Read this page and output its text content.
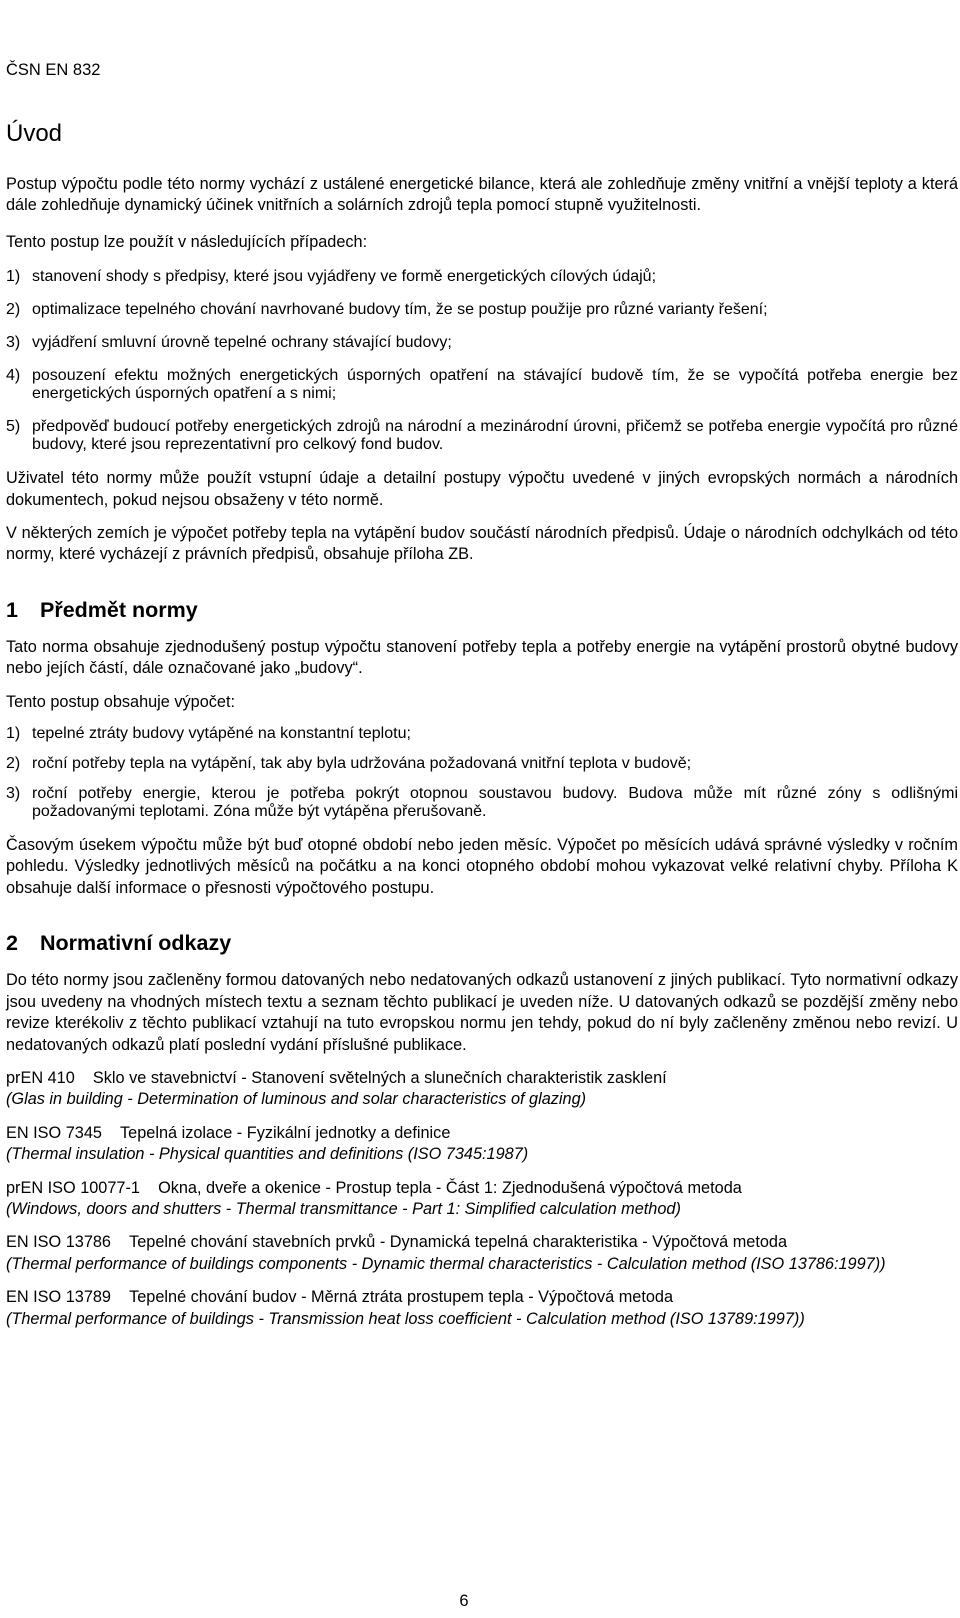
Tato norma byla prodana firme: Arch.Design, s.r.o. ICO 25764314
Prodej nebo poskytnuti normy treti osobe je v rozporu se zakonem !
ČSN EN 832
Úvod

Postup výpočtu podle této normy vychází z ustálené energetické bilance, která ale zohledňuje změny vnitřní a vnější teploty a která dále zohledňuje dynamický účinek vnitřních a solárních zdrojů tepla pomocí stupně využitelnosti.

Tento postup lze použít v následujících případech:

1) stanovení shody s předpisy, které jsou vyjádřeny ve formě energetických cílových údajů;
2) optimalizace tepelného chování navrhované budovy tím, že se postup použije pro různé varianty řešení;
3) vyjádření smluvní úrovně tepelné ochrany stávající budovy;
4) posouzení efektu možných energetických úsporných opatření na stávající budově tím, že se vypočítá potřeba energie bez energetických úsporných opatření a s nimi;
5) předpověď budoucí potřeby energetických zdrojů na národní a mezinárodní úrovni, přičemž se potřeba energie vypočítá pro různé budovy, které jsou reprezentativní pro celkový fond budov.

Uživatel této normy může použít vstupní údaje a detailní postupy výpočtu uvedené v jiných evropských normách a národních dokumentech, pokud nejsou obsaženy v této normě.

V některých zemích je výpočet potřeby tepla na vytápění budov součástí národních předpisů. Údaje o národních odchylkách od této normy, které vycházejí z právních předpisů, obsahuje příloha ZB.

1 Předmět normy

Tato norma obsahuje zjednodušený postup výpočtu stanovení potřeby tepla a potřeby energie na vytápění prostorů obytné budovy nebo jejích částí, dále označované jako „budovy“.

Tento postup obsahuje výpočet:

1) tepelné ztráty budovy vytápěné na konstantní teplotu;
2) roční potřeby tepla na vytápění, tak aby byla udržována požadovaná vnitřní teplota v budově;
3) roční potřeby energie, kterou je potřeba pokrýt otopnou soustavou budovy. Budova může mít různé zóny s odlišnými požadovanými teplotami. Zóna může být vytápěna přerušovaně.

Časovým úsekem výpočtu může být buď otopné období nebo jeden měsíc. Výpočet po měsících udává správné výsledky v ročním pohledu. Výsledky jednotlivých měsíců na počátku a na konci otopného období mohou vykazovat velké relativní chyby. Příloha K obsahuje další informace o přesnosti výpočtového postupu.

2 Normativní odkazy

Do této normy jsou začleněny formou datovaných nebo nedatovaných odkazů ustanovení z jiných publikací. Tyto normativní odkazy jsou uvedeny na vhodných místech textu a seznam těchto publikací je uveden níže. U datovaných odkazů se pozdější změny nebo revize kterékoliv z těchto publikací vztahují na tuto evropskou normu jen tehdy, pokud do ní byly začleněny změnou nebo revizí. U nedatovaných odkazů platí poslední vydání příslušné publikace.

prEN 410 Sklo ve stavebnictví - Stanovení světelných a slunečních charakteristik zasklení

(Glas in building - Determination of luminous and solar characteristics of glazing)

EN ISO 7345 Tepelná izolace - Fyzikální jednotky a definice

(Thermal insulation - Physical quantities and definitions (ISO 7345:1987)

prEN ISO 10077-1 Okna, dveře a okenice - Prostup tepla - Část 1: Zjednodušená výpočtová metoda

(Windows, doors and shutters - Thermal transmittance - Part 1: Simplified calculation method)

EN ISO 13786 Tepelné chování stavebních prvků - Dynamická tepelná charakteristika - Výpočtová metoda

(Thermal performance of buildings components - Dynamic thermal characteristics - Calculation method (ISO 13786:1997))

EN ISO 13789 Tepelné chování budov - Měrná ztráta prostupem tepla - Výpočtová metoda

(Thermal performance of buildings - Transmission heat loss coefficient - Calculation method (ISO 13789:1997))

6
